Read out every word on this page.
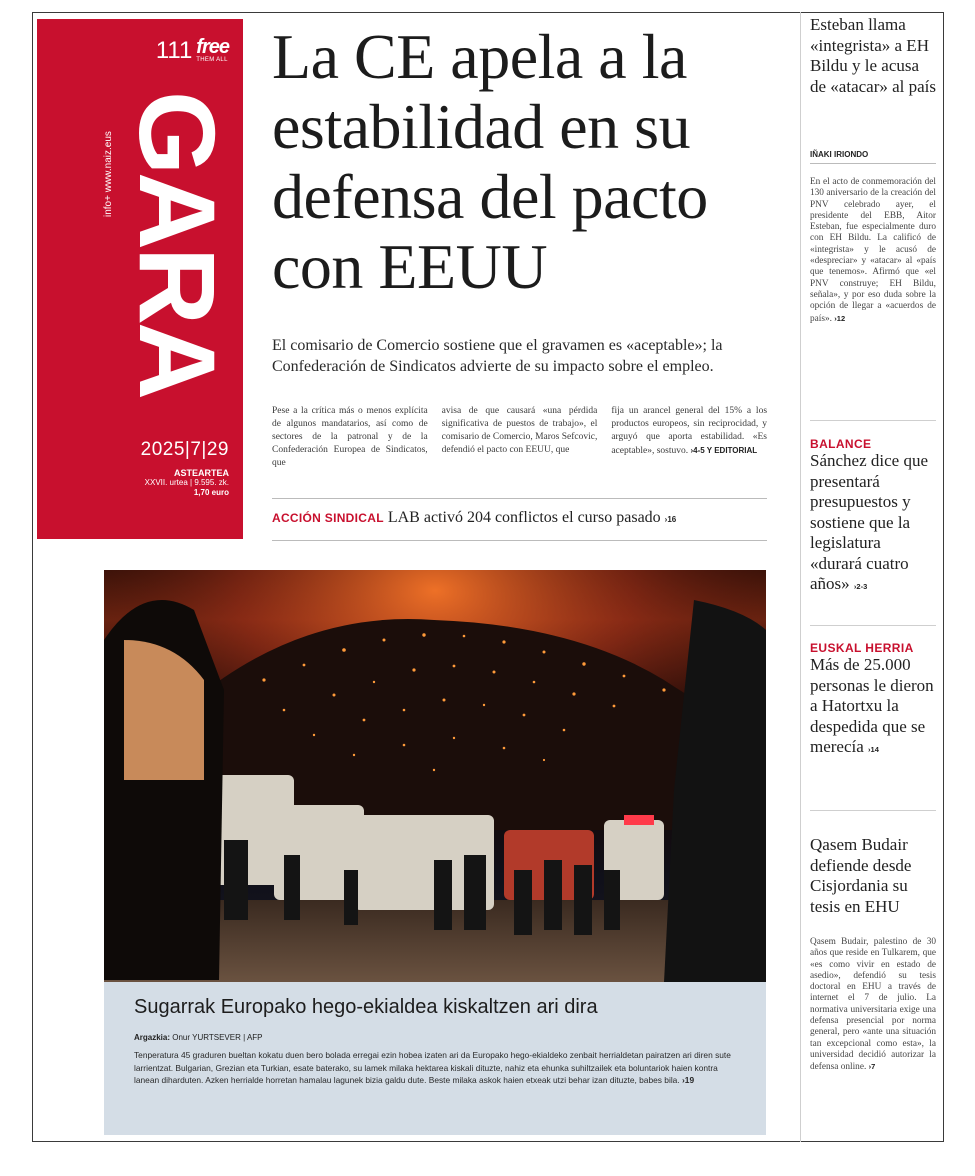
111 free
THEM ALL
info+ www.naiz.eus GARA
2025|7|29
ASTEARTEA
XXVII. urtea | 9.595. zk.
1,70 euro
La CE apela a la estabilidad en su defensa del pacto con EEUU

El comisario de Comercio sostiene que el gravamen es «aceptable»; la Confederación de Sindicatos advierte de su impacto sobre el empleo.

Pese a la crítica más o menos explícita de algunos mandatarios, así como de sectores de la patronal y de la Confederación Europea de Sindicatos, que

avisa de que causará «una pérdida significativa de puestos de trabajo», el comisario de Comercio, Maros Sefcovic, defendió el pacto con EEUU, que

fija un arancel general del 15% a los productos europeos, sin reciprocidad, y arguyó que aporta estabilidad. «Es aceptable», sostuvo. ›4-5 Y EDITORIAL

ACCIÓN SINDICAL LAB activó 204 conflictos el curso pasado ›16
Sugarrak Europako hego-ekialdea kiskaltzen ari dira
Argazkia: Onur YURTSEVER | AFP

Tenperatura 45 graduren bueltan kokatu duen bero bolada erregai ezin hobea izaten ari da Europako hego-ekialdeko zenbait herrialdetan pairatzen ari diren sute larrientzat. Bulgarian, Grezian eta Turkian, esate baterako, su lamek milaka hektarea kiskali dituzte, nahiz eta ehunka suhiltzailek eta boluntariok haien kontra lanean diharduten. Azken herrialde horretan hamalau lagunek bizia galdu dute. Beste milaka askok haien etxeak utzi behar izan dituzte, babes bila. ›19

Esteban llama «integrista» a EH Bildu y le acusa de «atacar» al país
IÑAKI IRIONDO

En el acto de conmemoración del 130 aniversario de la creación del PNV celebrado ayer, el presidente del EBB, Aitor Esteban, fue especialmente duro con EH Bildu. La calificó de «integrista» y le acusó de «despreciar» y «atacar» al «país que tenemos». Afirmó que «el PNV construye; EH Bildu, señala», y por eso duda sobre la opción de llegar a «acuerdos de país». ›12

BALANCE
Sánchez dice que presentará presupuestos y sostiene que la legislatura «durará cuatro años» ›2-3
EUSKAL HERRIA
Más de 25.000 personas le dieron a Hatortxu la despedida que se merecía ›14
Qasem Budair defiende desde Cisjordania su tesis en EHU

Qasem Budair, palestino de 30 años que reside en Tulkarem, que «es como vivir en estado de asedio», defendió su tesis doctoral en EHU a través de internet el 7 de julio. La normativa universitaria exige una defensa presencial por norma general, pero «ante una situación tan excepcional como esta», la universidad decidió autorizar la defensa online. ›7
